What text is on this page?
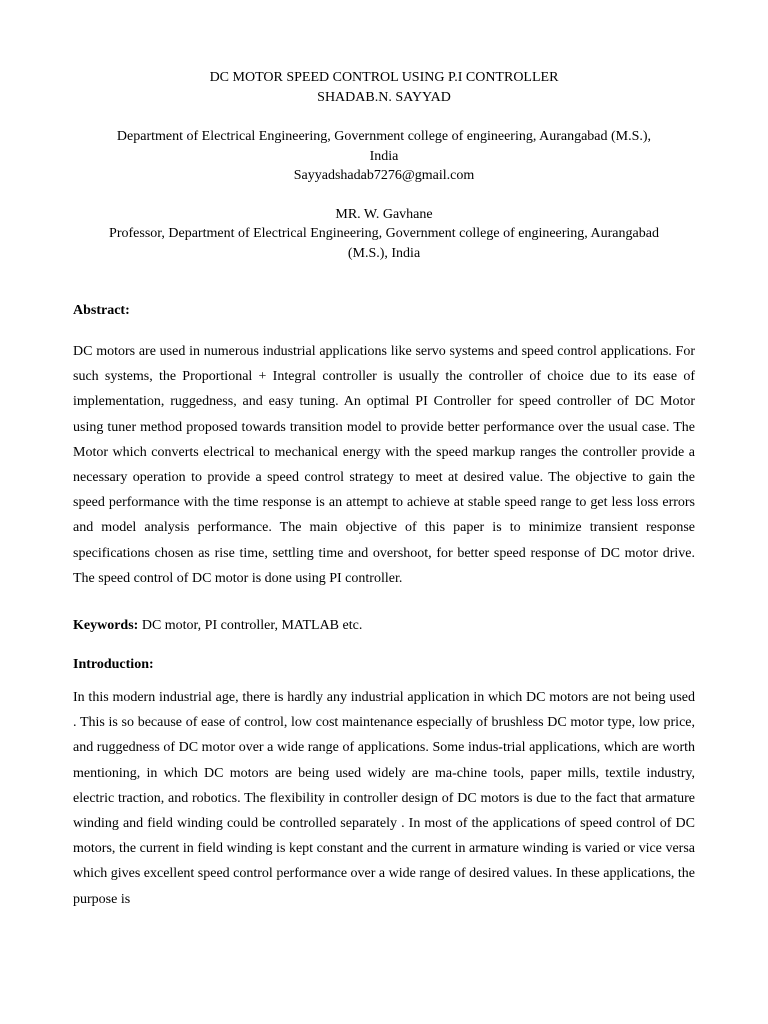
DC MOTOR SPEED CONTROL USING P.I CONTROLLER
SHADAB.N. SAYYAD
Department of Electrical Engineering, Government college of engineering, Aurangabad (M.S.),
India
Sayyadshadab7276@gmail.com
MR. W. Gavhane
Professor, Department of Electrical Engineering, Government college of engineering, Aurangabad
(M.S.), India

Abstract:

DC motors are used in numerous industrial applications like servo systems and speed control applications. For such systems, the Proportional + Integral controller is usually the controller of choice due to its ease of implementation, ruggedness, and easy tuning. An optimal PI Controller for speed controller of DC Motor using tuner method proposed towards transition model to provide better performance over the usual case. The Motor which converts electrical to mechanical energy with the speed markup ranges the controller provide a necessary operation to provide a speed control strategy to meet at desired value. The objective to gain the speed performance with the time response is an attempt to achieve at stable speed range to get less loss errors and model analysis performance. The main objective of this paper is to minimize transient response specifications chosen as rise time, settling time and overshoot, for better speed response of DC motor drive. The speed control of DC motor is done using PI controller.

Keywords: DC motor, PI controller, MATLAB etc.

Introduction:

In this modern industrial age, there is hardly any industrial application in which DC motors are not being used . This is so because of ease of control, low cost maintenance especially of brushless DC motor type, low price, and ruggedness of DC motor over a wide range of applications. Some indus-trial applications, which are worth mentioning, in which DC motors are being used widely are ma-chine tools, paper mills, textile industry, electric traction, and robotics. The flexibility in controller design of DC motors is due to the fact that armature winding and field winding could be controlled separately . In most of the applications of speed control of DC motors, the current in field winding is kept constant and the current in armature winding is varied or vice versa which gives excellent speed control performance over a wide range of desired values. In these applications, the purpose is
